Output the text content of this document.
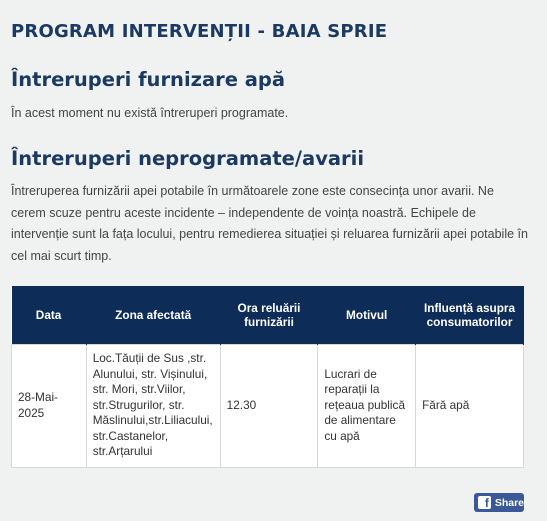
PROGRAM INTERVENȚII - BAIA SPRIE
Întreruperi furnizare apă

În acest moment nu există întreruperi programate.

Întreruperi neprogramate/avarii

Întreruperea furnizării apei potabile în următoarele zone este consecința unor avarii. Ne cerem scuze pentru aceste incidente – independente de voința noastră. Echipele de intervenție sunt la fața locului, pentru remedierea situației și reluarea furnizării apei potabile în cel mai scurt timp.

Data	Zona afectată	Ora reluării furnizării	Motivul	Influență asupra consumatorilor
28-Mai-2025	Loc.Tăuții de Sus ,str. Alunului, str. Vișinului, str. Mori, str.Viilor, str.Strugurilor, str. Măslinului,str.Liliacului, str.Castanelor, str.Arțarului	12.30	Lucrari de reparații la rețeaua publică de alimentare cu apă	Fără apă
f Share
